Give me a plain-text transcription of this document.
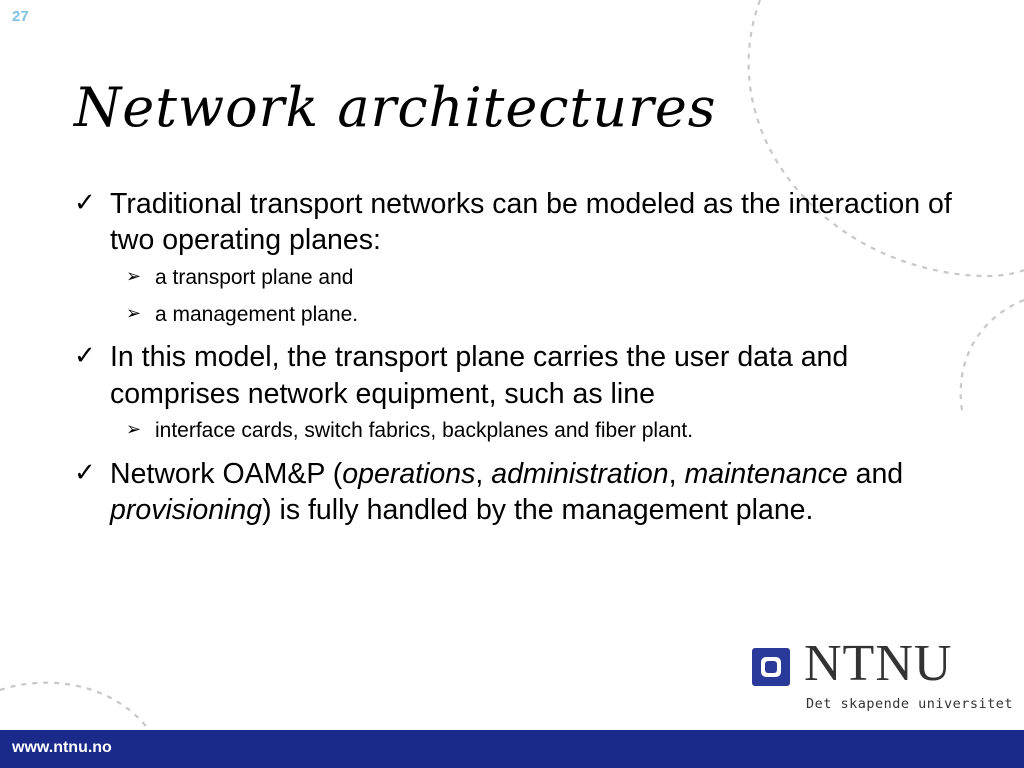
27
Network architectures
✓ Traditional transport networks can be modeled as the interaction of two operating planes:
➢ a transport plane and
➢ a management plane.
✓ In this model, the transport plane carries the user data and comprises network equipment, such as line
➢ interface cards, switch fabrics, backplanes and fiber plant.
✓ Network OAM&P (operations, administration, maintenance and provisioning) is fully handled by the management plane.
NTNU
Det skapende universitet
www.ntnu.no
